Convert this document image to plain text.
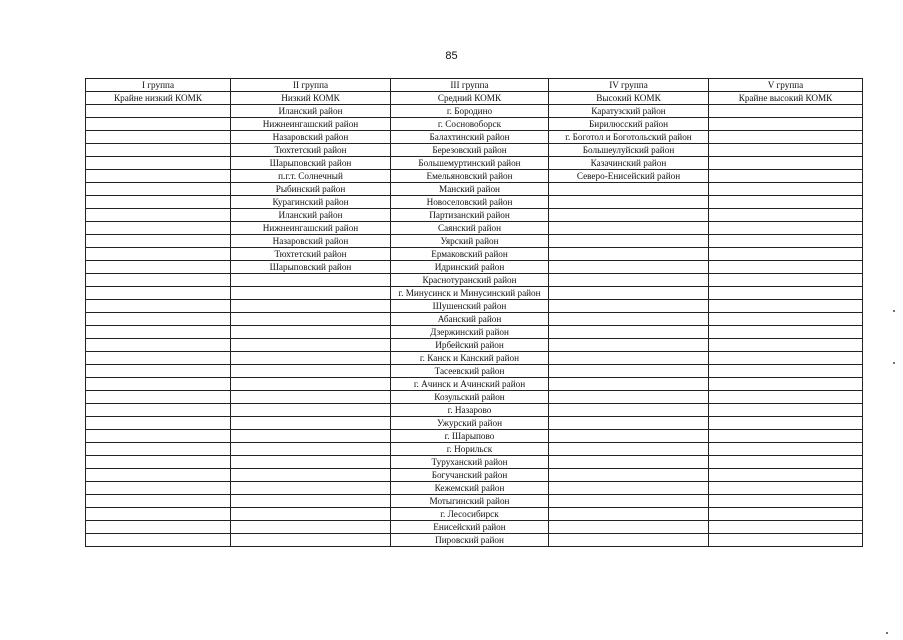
85
I группа	II группа	III группа	IV группа	V группа
Крайне низкий КОМК	Низкий КОМК	Средний КОМК	Высокий КОМК	Крайне высокий КОМК
	Иланский район	г. Бородино	Каратузский район	
	Нижнеингашский район	г. Сосновоборск	Бирилюсский район	
	Назаровский район	Балахтинский район	г. Боготол и Боготольский район	
	Тюхтетский район	Березовский район	Большеулуйский район	
	Шарыповский район	Большемуртинский район	Казачинский район	
	п.г.т. Солнечный	Емельяновский район	Северо-Енисейский район	
	Рыбинский район	Манский район		
	Курагинский район	Новоселовский район		
	Иланский район	Партизанский район		
	Нижнеингашский район	Саянский район		
	Назаровский район	Уярский район		
	Тюхтетский район	Ермаковский район		
	Шарыповский район	Идринский район		
		Краснотуранский район		
		г. Минусинск и Минусинский район		
		Шушенский район		
		Абанский район		
		Дзержинский район		
		Ирбейский район		
		г. Канск и Канский район		
		Тасеевский район		
		г. Ачинск и Ачинский район		
		Козульский район		
		г. Назарово		
		Ужурский район		
		г. Шарыпово		
		г. Норильск		
		Туруханский район		
		Богучанский район		
		Кежемский район		
		Мотыгинский район		
		г. Лесосибирск		
		Енисейский район		
		Пировский район		
